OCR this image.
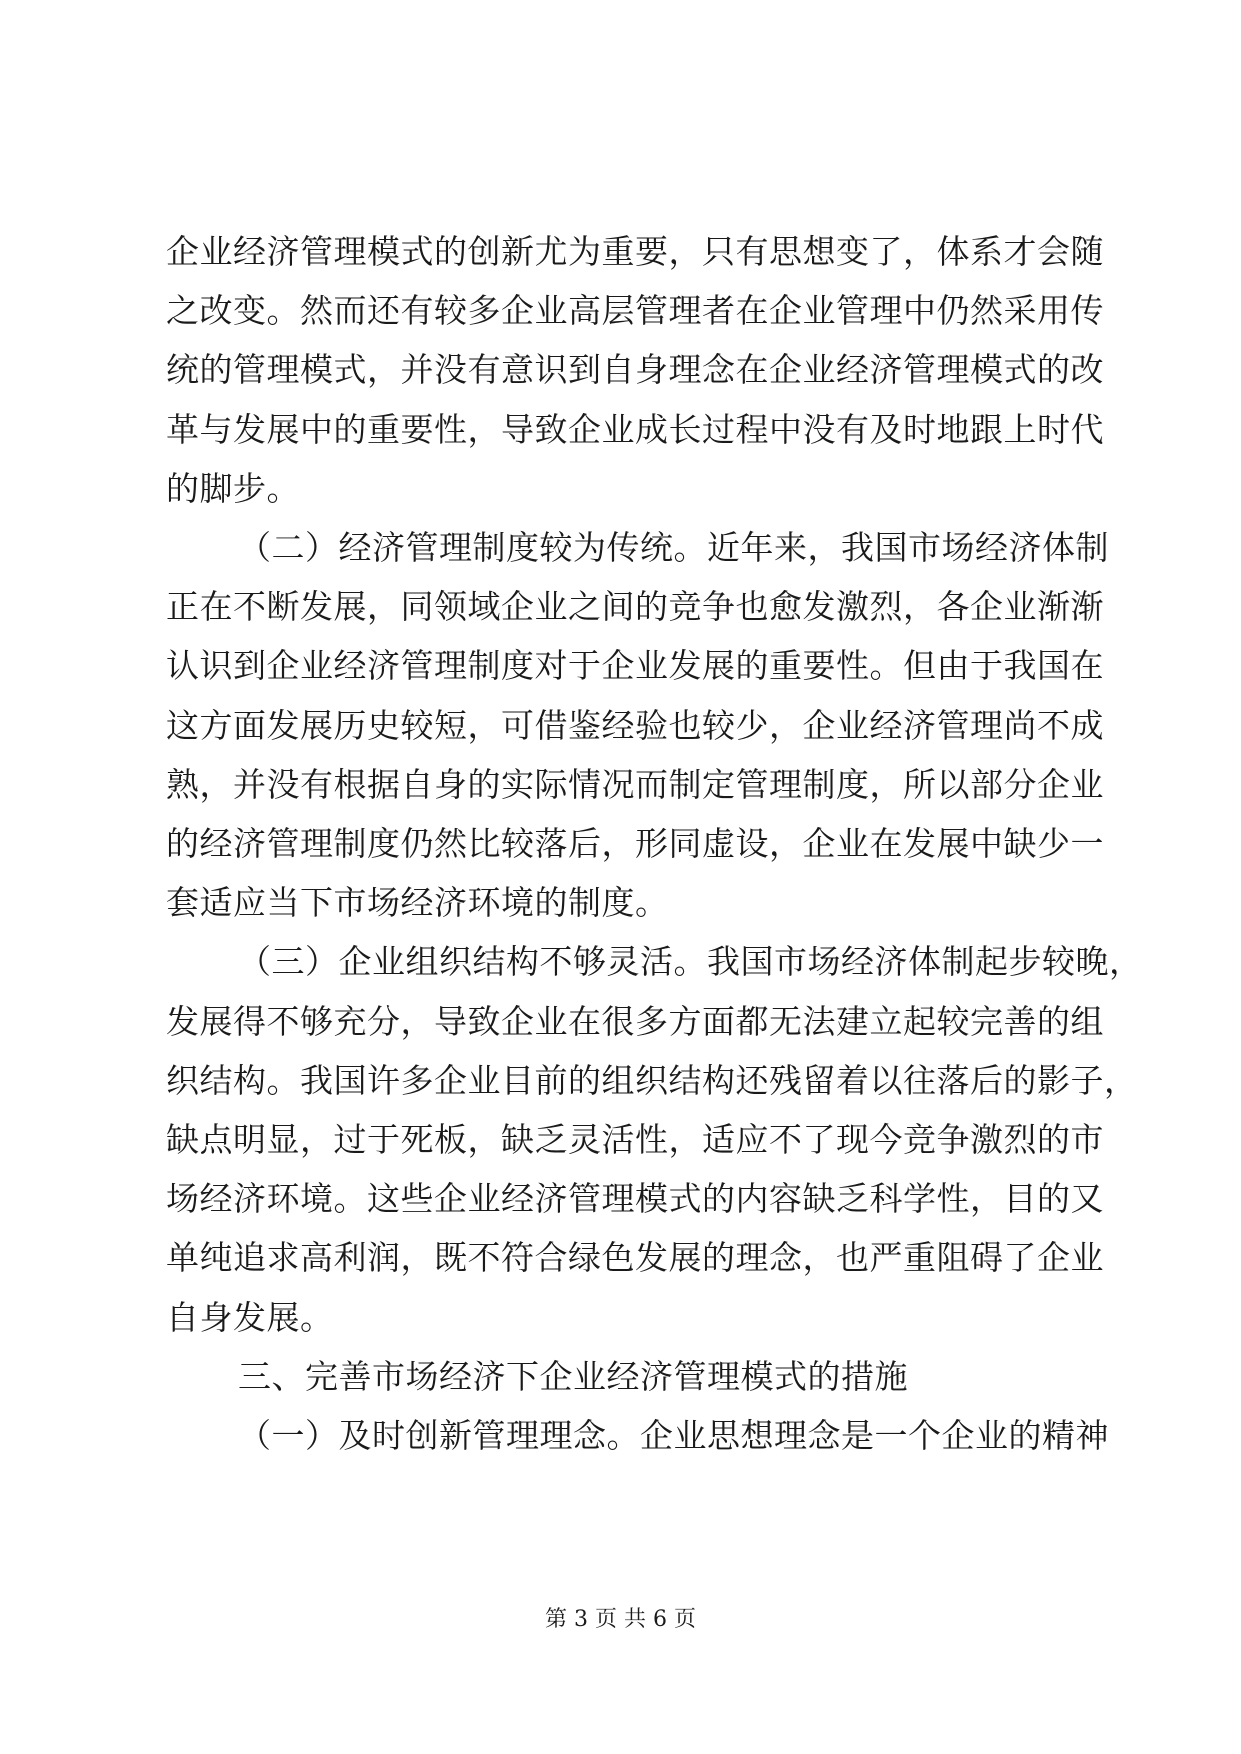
企业经济管理模式的创新尤为重要，只有思想变了，体系才会随
之改变。然而还有较多企业高层管理者在企业管理中仍然采用传
统的管理模式，并没有意识到自身理念在企业经济管理模式的改
革与发展中的重要性，导致企业成长过程中没有及时地跟上时代
的脚步。
（二）经济管理制度较为传统。近年来，我国市场经济体制
正在不断发展，同领域企业之间的竞争也愈发激烈，各企业渐渐
认识到企业经济管理制度对于企业发展的重要性。但由于我国在
这方面发展历史较短，可借鉴经验也较少，企业经济管理尚不成
熟，并没有根据自身的实际情况而制定管理制度，所以部分企业
的经济管理制度仍然比较落后，形同虚设，企业在发展中缺少一
套适应当下市场经济环境的制度。
（三）企业组织结构不够灵活。我国市场经济体制起步较晚，
发展得不够充分，导致企业在很多方面都无法建立起较完善的组
织结构。我国许多企业目前的组织结构还残留着以往落后的影子，
缺点明显，过于死板，缺乏灵活性，适应不了现今竞争激烈的市
场经济环境。这些企业经济管理模式的内容缺乏科学性，目的又
单纯追求高利润，既不符合绿色发展的理念，也严重阻碍了企业
自身发展。
三、完善市场经济下企业经济管理模式的措施
（一）及时创新管理理念。企业思想理念是一个企业的精神
第 3 页 共 6 页
